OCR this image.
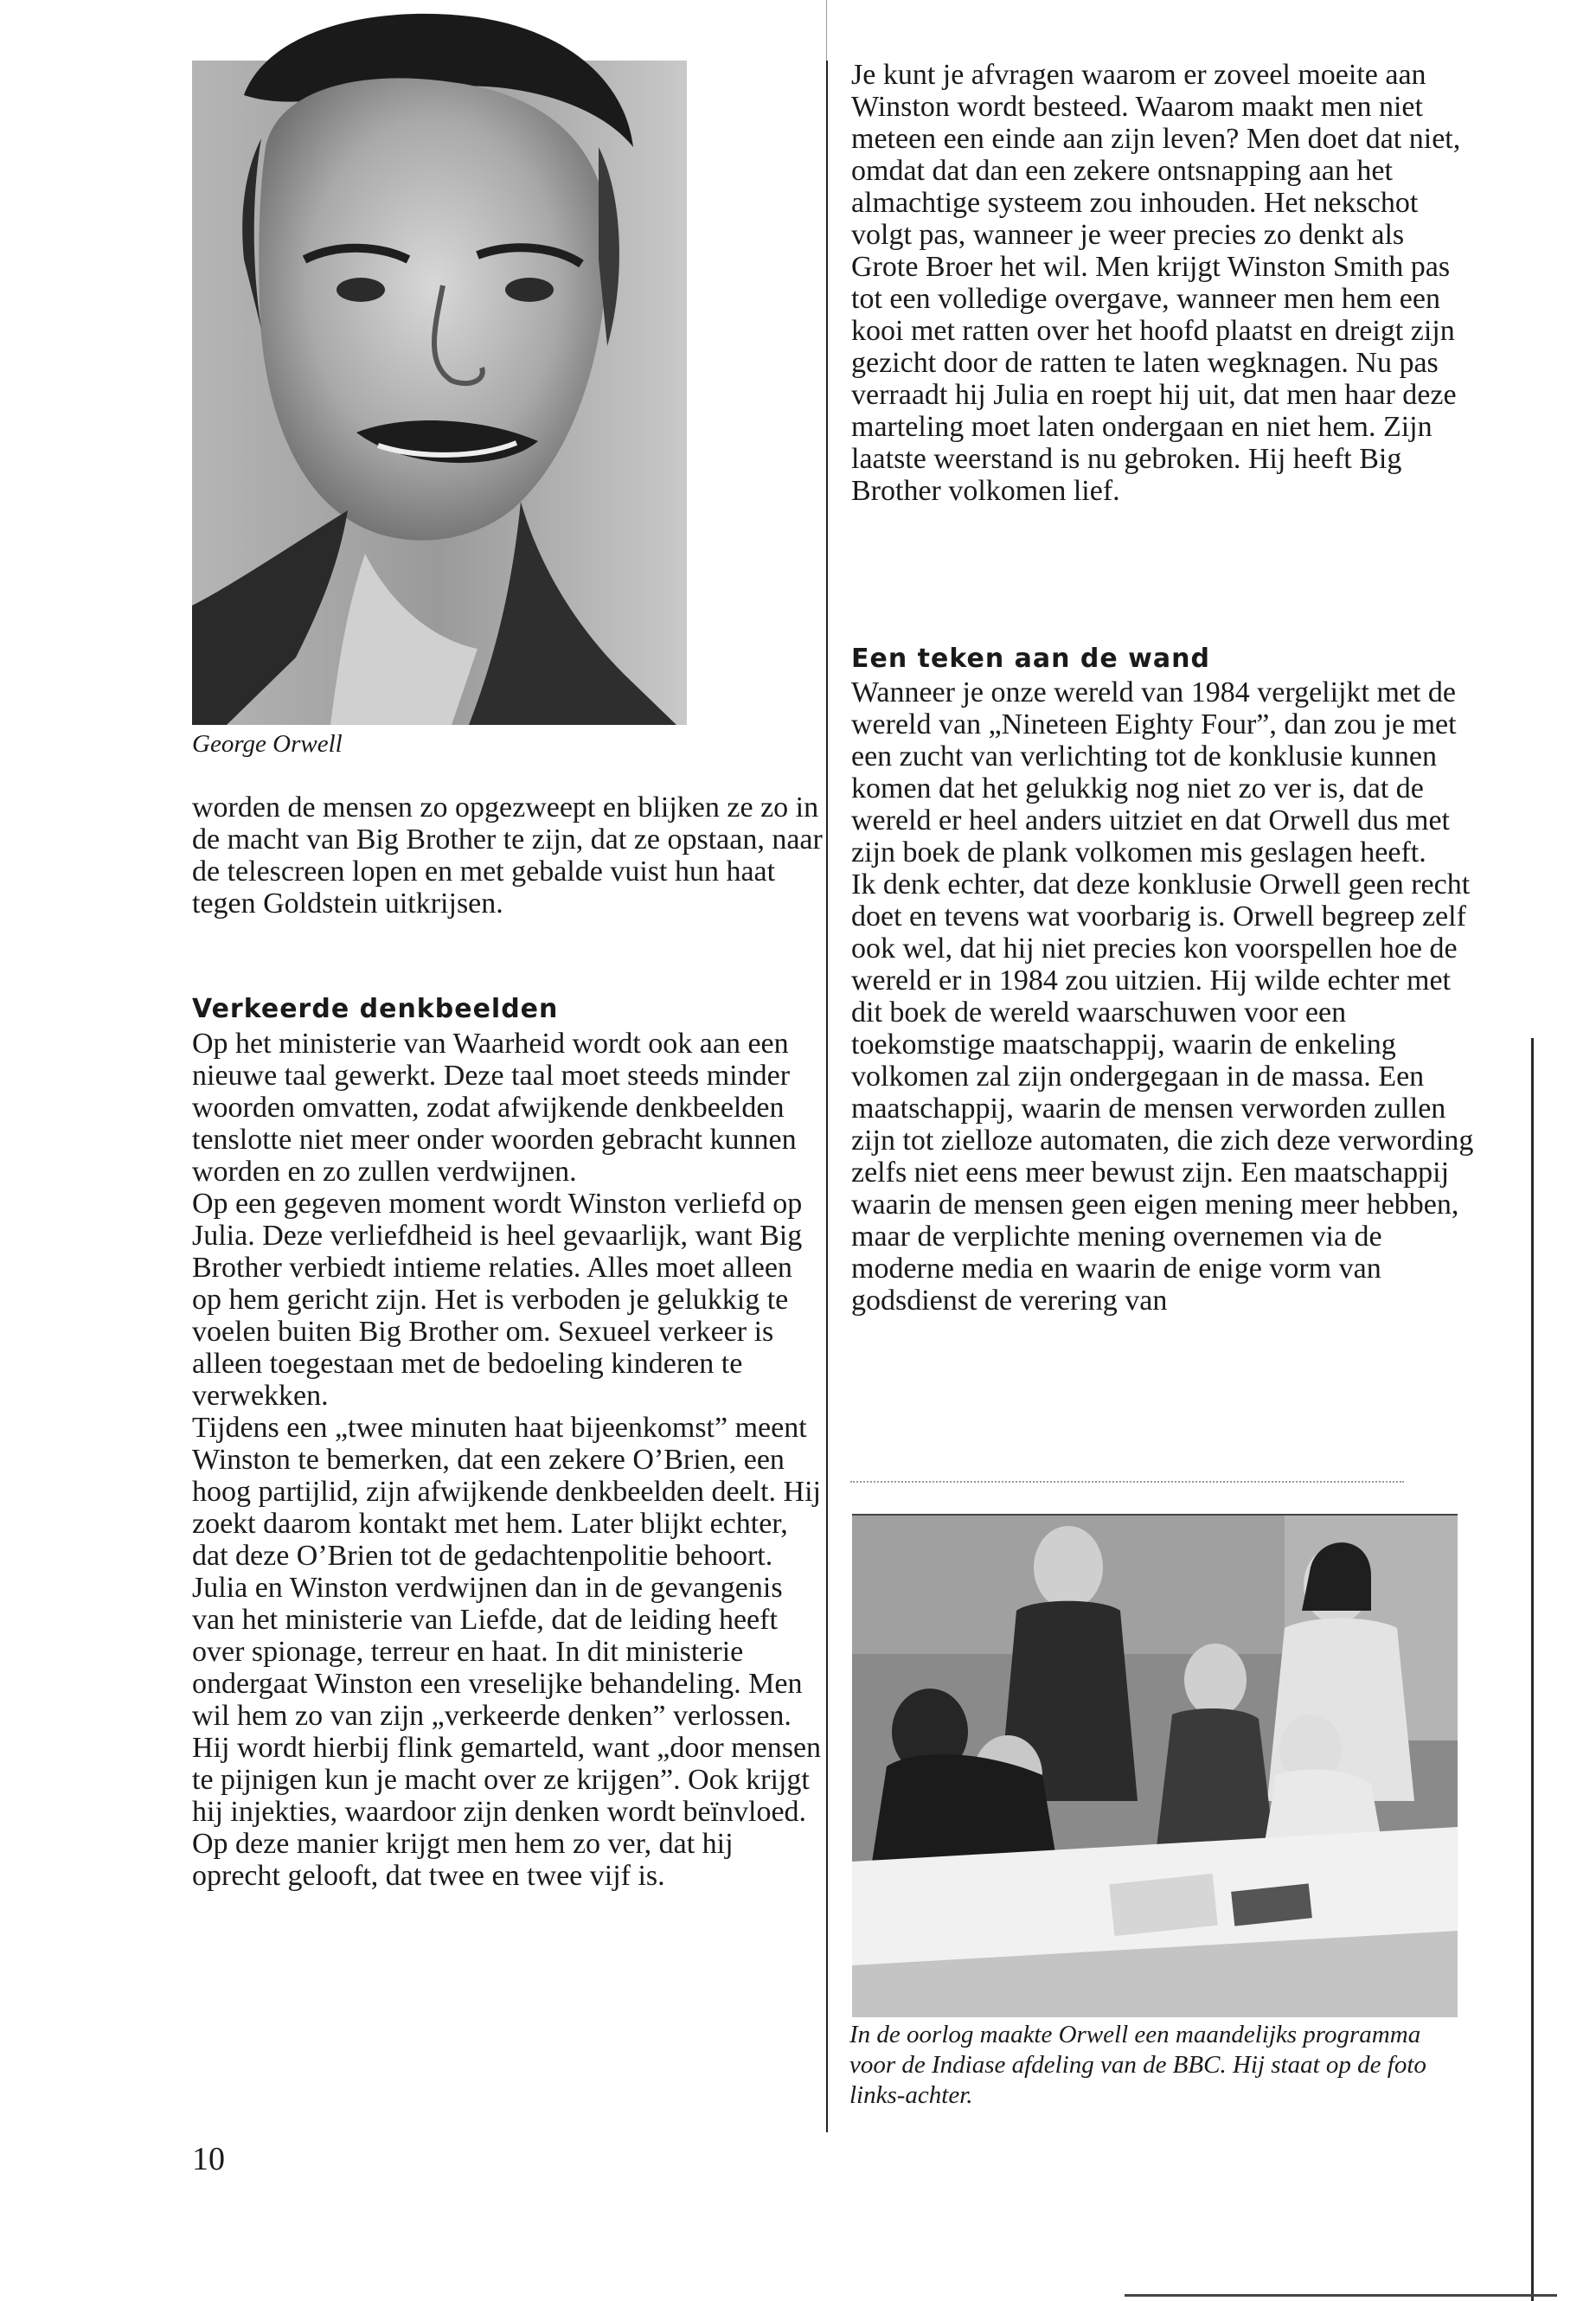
George Orwell

worden de mensen zo opgezweept en blijken ze zo in de macht van Big Brother te zijn, dat ze opstaan, naar de telescreen lopen en met gebalde vuist hun haat tegen Goldstein uitkrijsen.

Verkeerde denkbeelden

Op het ministerie van Waarheid wordt ook aan een nieuwe taal gewerkt. Deze taal moet steeds minder woorden omvatten, zodat afwijkende denkbeelden tenslotte niet meer onder woorden gebracht kunnen worden en zo zullen verdwijnen.

Op een gegeven moment wordt Winston verliefd op Julia. Deze verliefdheid is heel gevaarlijk, want Big Brother verbiedt intieme relaties. Alles moet alleen op hem gericht zijn. Het is verboden je gelukkig te voelen buiten Big Brother om. Sexueel verkeer is alleen toegestaan met de bedoeling kinderen te verwekken.

Tijdens een „twee minuten haat bijeenkomst” meent Winston te bemerken, dat een zekere O’Brien, een hoog partijlid, zijn afwijkende denkbeelden deelt. Hij zoekt daarom kontakt met hem. Later blijkt echter, dat deze O’Brien tot de gedachtenpolitie behoort. Julia en Winston verdwijnen dan in de gevangenis van het ministerie van Liefde, dat de leiding heeft over spionage, terreur en haat. In dit ministerie ondergaat Winston een vreselijke behandeling. Men wil hem zo van zijn „verkeerde denken” verlossen. Hij wordt hierbij flink gemarteld, want „door mensen te pijnigen kun je macht over ze krijgen”. Ook krijgt hij injekties, waardoor zijn denken wordt beïnvloed. Op deze manier krijgt men hem zo ver, dat hij oprecht gelooft, dat twee en twee vijf is.

Je kunt je afvragen waarom er zoveel moeite aan Winston wordt besteed. Waarom maakt men niet meteen een einde aan zijn leven? Men doet dat niet, omdat dat dan een zekere ontsnapping aan het almachtige systeem zou inhouden. Het nekschot volgt pas, wanneer je weer precies zo denkt als Grote Broer het wil. Men krijgt Winston Smith pas tot een volledige overgave, wanneer men hem een kooi met ratten over het hoofd plaatst en dreigt zijn gezicht door de ratten te laten wegknagen. Nu pas verraadt hij Julia en roept hij uit, dat men haar deze marteling moet laten ondergaan en niet hem. Zijn laatste weerstand is nu gebroken. Hij heeft Big Brother volkomen lief.

Een teken aan de wand

Wanneer je onze wereld van 1984 vergelijkt met de wereld van „Nineteen Eighty Four”, dan zou je met een zucht van verlichting tot de konklusie kunnen komen dat het gelukkig nog niet zo ver is, dat de wereld er heel anders uitziet en dat Orwell dus met zijn boek de plank volkomen mis geslagen heeft.

Ik denk echter, dat deze konklusie Orwell geen recht doet en tevens wat voorbarig is. Orwell begreep zelf ook wel, dat hij niet precies kon voorspellen hoe de wereld er in 1984 zou uitzien. Hij wilde echter met dit boek de wereld waarschuwen voor een toekomstige maatschappij, waarin de enkeling volkomen zal zijn ondergegaan in de massa. Een maatschappij, waarin de mensen verworden zullen zijn tot zielloze automaten, die zich deze verwording zelfs niet eens meer bewust zijn. Een maatschappij waarin de mensen geen eigen mening meer hebben, maar de verplichte mening overnemen via de moderne media en waarin de enige vorm van godsdienst de verering van

In de oorlog maakte Orwell een maandelijks programma voor de Indiase afdeling van de BBC. Hij staat op de foto links-achter.
10
